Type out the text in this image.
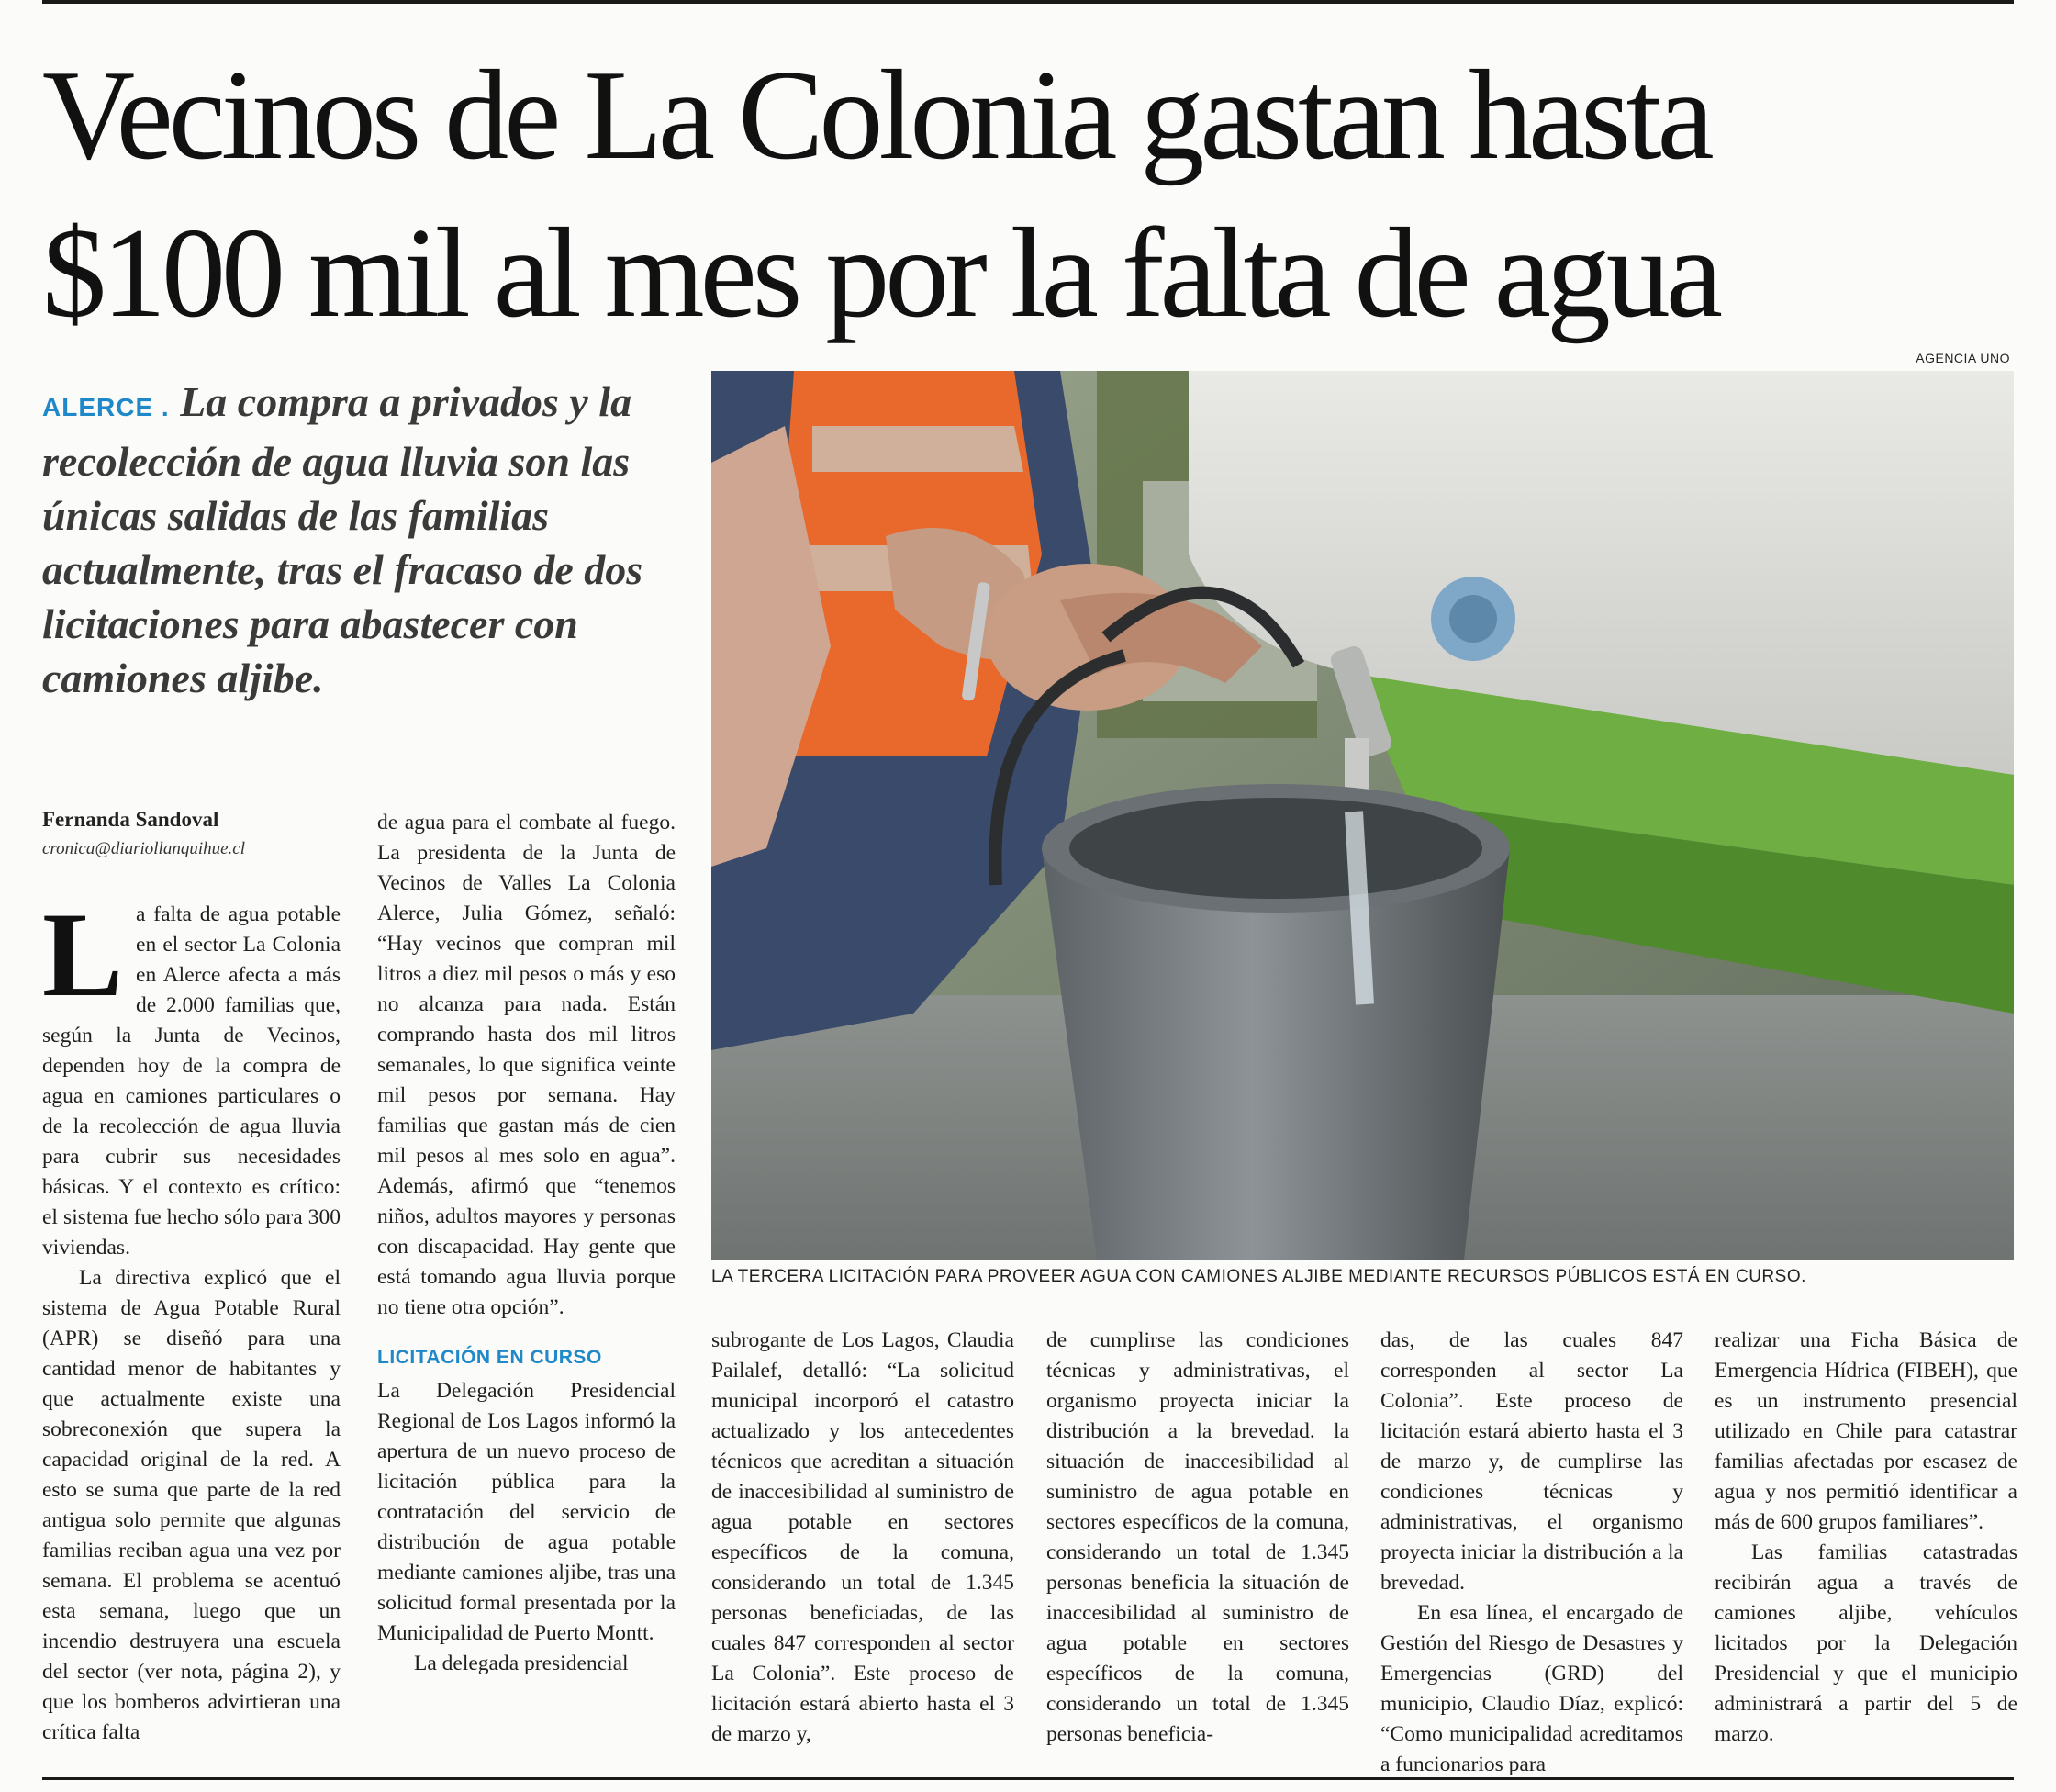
Vecinos de La Colonia gastan hasta
$100 mil al mes por la falta de agua
AGENCIA UNO
ALERCE . La compra a privados y la recolección de agua lluvia son las únicas salidas de las familias actualmente, tras el fracaso de dos licitaciones para abastecer con camiones aljibe.
Fernanda Sandoval
cronica@diariollanquihue.cl
LA TERCERA LICITACIÓN PARA PROVEER AGUA CON CAMIONES ALJIBE MEDIANTE RECURSOS PÚBLICOS ESTÁ EN CURSO.

La falta de agua potable en el sector La Colonia en Alerce afecta a más de 2.000 familias que, según la Junta de Vecinos, dependen hoy de la compra de agua en camiones particulares o de la recolección de agua lluvia para cubrir sus necesidades básicas. Y el contexto es crítico: el sistema fue hecho sólo para 300 viviendas.

La directiva explicó que el sistema de Agua Potable Rural (APR) se diseñó para una cantidad menor de habitantes y que actualmente existe una sobreconexión que supera la capacidad original de la red. A esto se suma que parte de la red antigua solo permite que algunas familias reciban agua una vez por semana. El problema se acentuó esta semana, luego que un incendio destruyera una escuela del sector (ver nota, página 2), y que los bomberos advirtieran una crítica falta

de agua para el combate al fuego. La presidenta de la Junta de Vecinos de Valles La Colonia Alerce, Julia Gómez, señaló: “Hay vecinos que compran mil litros a diez mil pesos o más y eso no alcanza para nada. Están comprando hasta dos mil litros semanales, lo que significa veinte mil pesos por semana. Hay familias que gastan más de cien mil pesos al mes solo en agua”. Además, afirmó que “tenemos niños, adultos mayores y personas con discapacidad. Hay gente que está tomando agua lluvia porque no tiene otra opción”.

LICITACIÓN EN CURSO

La Delegación Presidencial Regional de Los Lagos informó la apertura de un nuevo proceso de licitación pública para la contratación del servicio de distribución de agua potable mediante camiones aljibe, tras una solicitud formal presentada por la Municipalidad de Puerto Montt.

La delegada presidencial

subrogante de Los Lagos, Claudia Pailalef, detalló: “La solicitud municipal incorporó el catastro actualizado y los antecedentes técnicos que acreditan a situación de inaccesibilidad al suministro de agua potable en sectores específicos de la comuna, considerando un total de 1.345 personas beneficiadas, de las cuales 847 corresponden al sector La Colonia”. Este proceso de licitación estará abierto hasta el 3 de marzo y,

de cumplirse las condiciones técnicas y administrativas, el organismo proyecta iniciar la distribución a la brevedad. la situación de inaccesibilidad al suministro de agua potable en sectores específicos de la comuna, considerando un total de 1.345 personas beneficia la situación de inaccesibilidad al suministro de agua potable en sectores específicos de la comuna, considerando un total de 1.345 personas beneficia-

das, de las cuales 847 corresponden al sector La Colonia”. Este proceso de licitación estará abierto hasta el 3 de marzo y, de cumplirse las condiciones técnicas y administrativas, el organismo proyecta iniciar la distribución a la brevedad.

En esa línea, el encargado de Gestión del Riesgo de Desastres y Emergencias (GRD) del municipio, Claudio Díaz, explicó: “Como municipalidad acreditamos a funcionarios para

realizar una Ficha Básica de Emergencia Hídrica (FIBEH), que es un instrumento presencial utilizado en Chile para catastrar familias afectadas por escasez de agua y nos permitió identificar a más de 600 grupos familiares”.

Las familias catastradas recibirán agua a través de camiones aljibe, vehículos licitados por la Delegación Presidencial y que el municipio administrará a partir del 5 de marzo.
